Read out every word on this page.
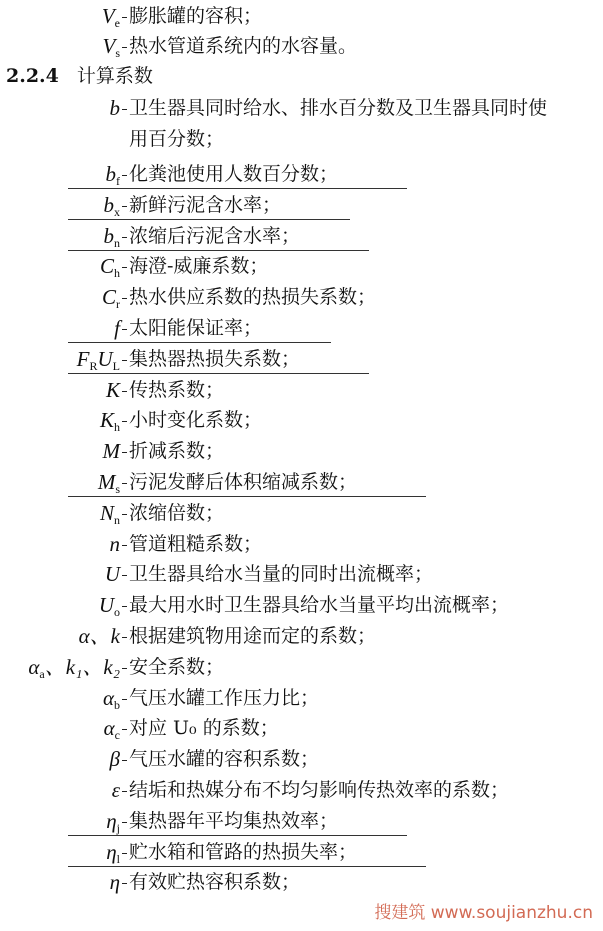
$V_e$ 膨胀罐的容积；
$V_s$ 热水管道系统内的水容量。
2.2.4 计算系数
b 卫生器具同时给水、排水百分数及卫生器具同时使
用百分数；
$b_f$ 化粪池使用人数百分数；
$b_x$ 新鲜污泥含水率；
$b_n$ 浓缩后污泥含水率；
$C_h$ 海澄-威廉系数；
$C_r$ 热水供应系数的热损失系数；
f 太阳能保证率；
$F_RU_L$ 集热器热损失系数；
K 传热系数；
$K_h$ 小时变化系数；
M 折减系数；
$M_s$ 污泥发酵后体积缩减系数；
$N_n$ 浓缩倍数；
n 管道粗糙系数；
U 卫生器具给水当量的同时出流概率；
$U_o$ 最大用水时卫生器具给水当量平均出流概率；
α、k 根据建筑物用途而定的系数；
$\alpha_a$、k₁、k₂ 安全系数；
$\alpha_b$ 气压水罐工作压力比；
$\alpha_c$ 对应 U₀ 的系数；
β 气压水罐的容积系数；
ε 结垢和热媒分布不均匀影响传热效率的系数；
$\eta_j$ 集热器年平均集热效率；
$\eta_l$ 贮水箱和管路的热损失率；
η 有效贮热容积系数；
搜建筑 www.soujianzhu.cn
